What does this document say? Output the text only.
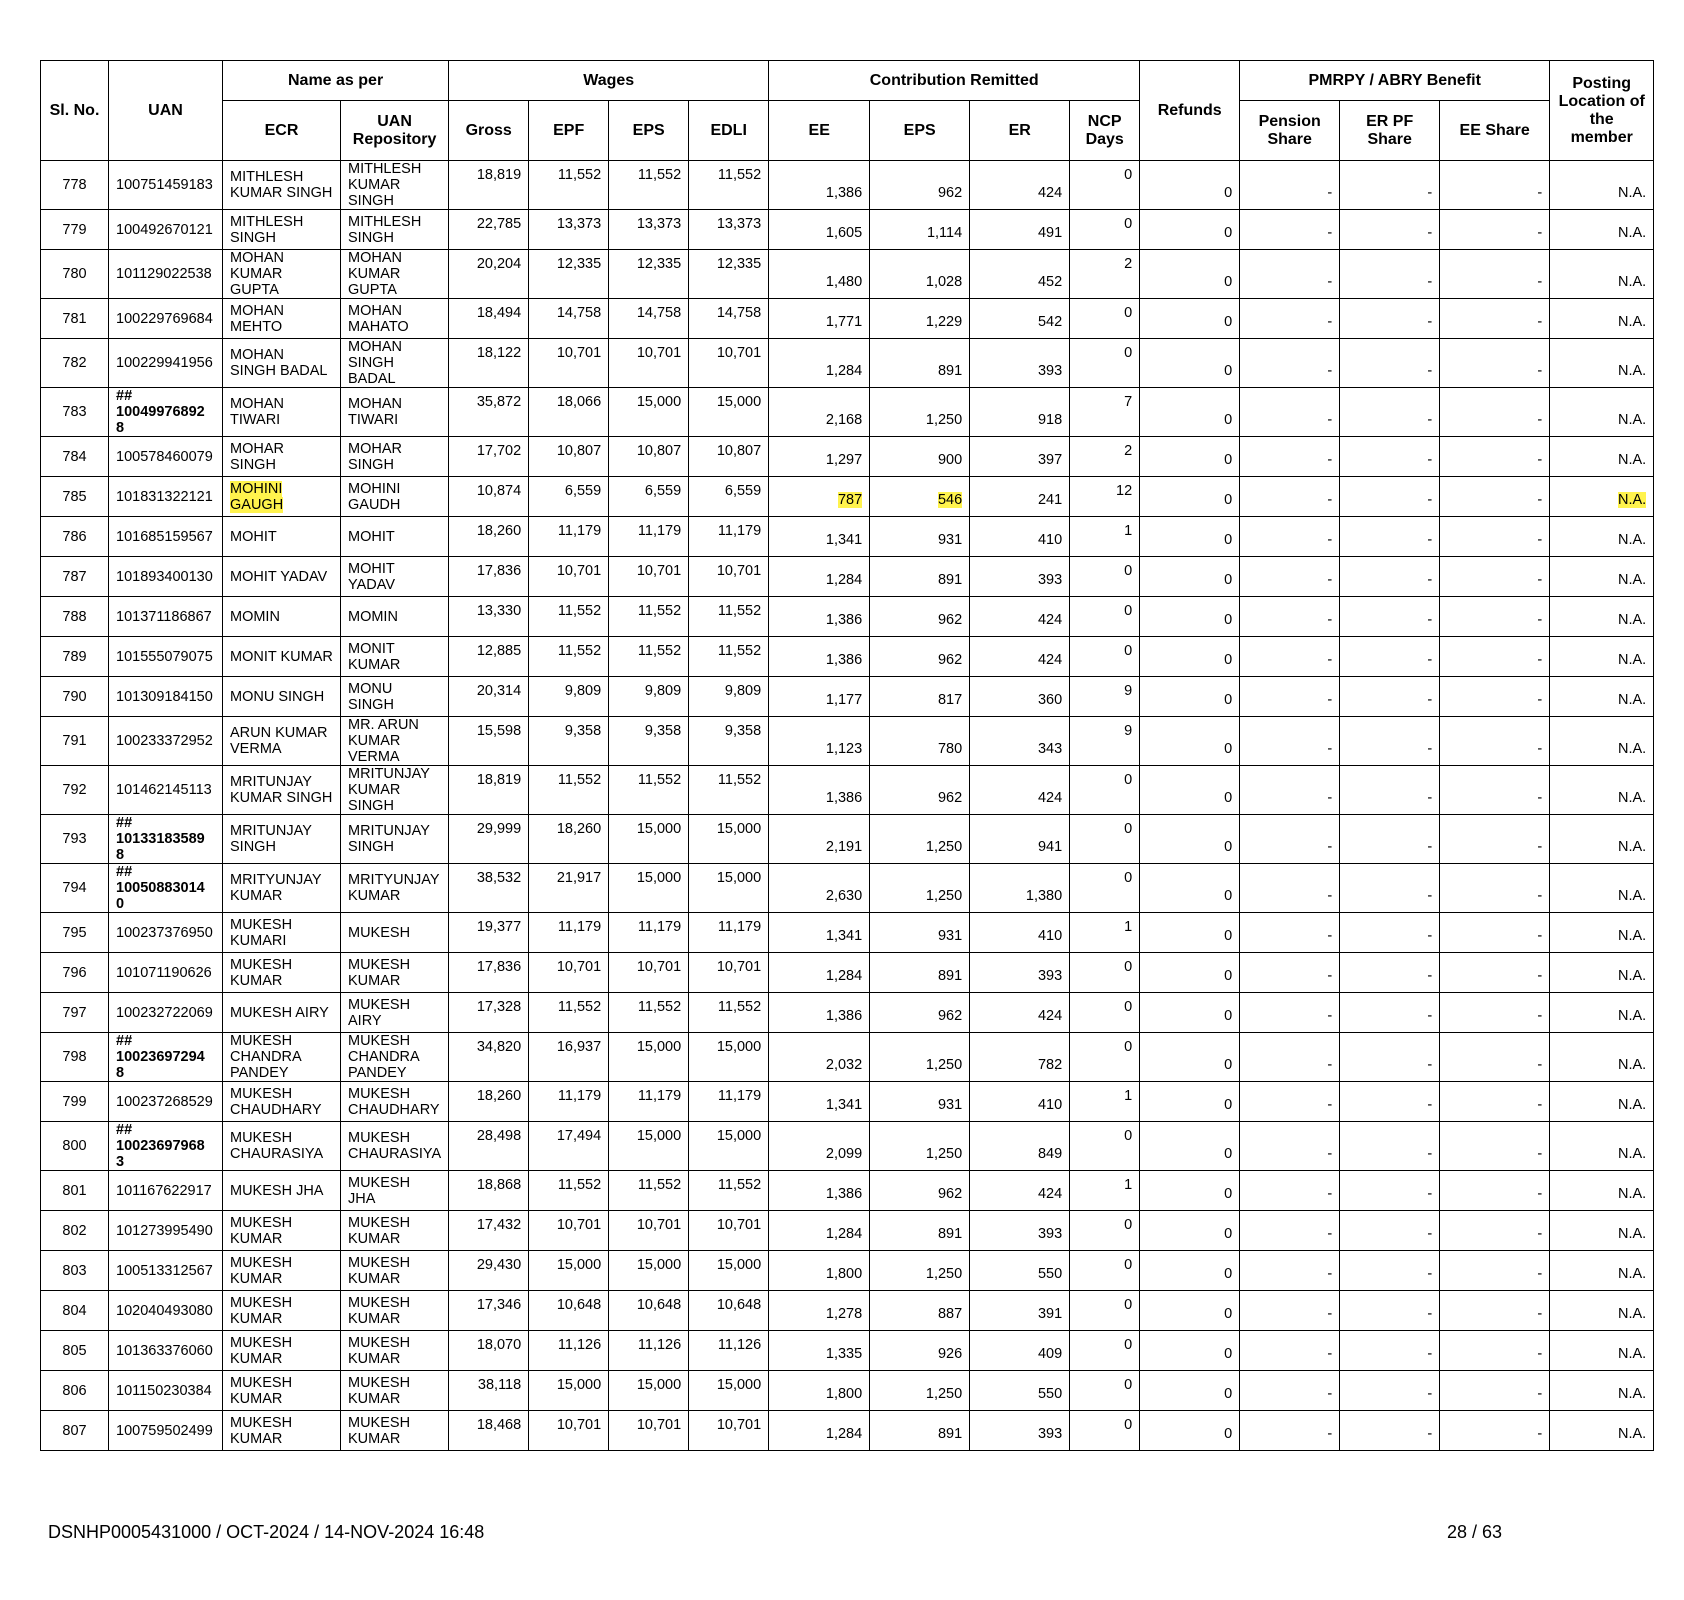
Sl. No.	UAN	Name as per		Wages				Contribution Remitted				Refunds	PMRPY / ABRY Benefit			Posting Location of the member
		ECR	UAN Repository	Gross	EPF	EPS	EDLI	EE	EPS	ER	NCP Days		Pension Share	ER PF Share	EE Share	
778	100751459183	MITHLESH KUMAR SINGH	MITHLESH KUMAR SINGH	18,819	11,552	11,552	11,552	1,386	962	424	0	0	-	-	-	N.A.
779	100492670121	MITHLESH SINGH	MITHLESH SINGH	22,785	13,373	13,373	13,373	1,605	1,114	491	0	0	-	-	-	N.A.
780	101129022538	MOHAN KUMAR GUPTA	MOHAN KUMAR GUPTA	20,204	12,335	12,335	12,335	1,480	1,028	452	2	0	-	-	-	N.A.
781	100229769684	MOHAN MEHTO	MOHAN MAHATO	18,494	14,758	14,758	14,758	1,771	1,229	542	0	0	-	-	-	N.A.
782	100229941956	MOHAN SINGH BADAL	MOHAN SINGH BADAL	18,122	10,701	10,701	10,701	1,284	891	393	0	0	-	-	-	N.A.
783	## 10049976892 8	MOHAN TIWARI	MOHAN TIWARI	35,872	18,066	15,000	15,000	2,168	1,250	918	7	0	-	-	-	N.A.
784	100578460079	MOHAR SINGH	MOHAR SINGH	17,702	10,807	10,807	10,807	1,297	900	397	2	0	-	-	-	N.A.
785	101831322121	MOHINI GAUGH	MOHINI GAUDH	10,874	6,559	6,559	6,559	787	546	241	12	0	-	-	-	N.A.
786	101685159567	MOHIT	MOHIT	18,260	11,179	11,179	11,179	1,341	931	410	1	0	-	-	-	N.A.
787	101893400130	MOHIT YADAV	MOHIT YADAV	17,836	10,701	10,701	10,701	1,284	891	393	0	0	-	-	-	N.A.
788	101371186867	MOMIN	MOMIN	13,330	11,552	11,552	11,552	1,386	962	424	0	0	-	-	-	N.A.
789	101555079075	MONIT KUMAR	MONIT KUMAR	12,885	11,552	11,552	11,552	1,386	962	424	0	0	-	-	-	N.A.
790	101309184150	MONU SINGH	MONU SINGH	20,314	9,809	9,809	9,809	1,177	817	360	9	0	-	-	-	N.A.
791	100233372952	ARUN KUMAR VERMA	MR. ARUN KUMAR VERMA	15,598	9,358	9,358	9,358	1,123	780	343	9	0	-	-	-	N.A.
792	101462145113	MRITUNJAY KUMAR SINGH	MRITUNJAY KUMAR SINGH	18,819	11,552	11,552	11,552	1,386	962	424	0	0	-	-	-	N.A.
793	## 10133183589 8	MRITUNJAY SINGH	MRITUNJAY SINGH	29,999	18,260	15,000	15,000	2,191	1,250	941	0	0	-	-	-	N.A.
794	## 10050883014 0	MRITYUNJAY KUMAR	MRITYUNJAY KUMAR	38,532	21,917	15,000	15,000	2,630	1,250	1,380	0	0	-	-	-	N.A.
795	100237376950	MUKESH KUMARI	MUKESH	19,377	11,179	11,179	11,179	1,341	931	410	1	0	-	-	-	N.A.
796	101071190626	MUKESH KUMAR	MUKESH KUMAR	17,836	10,701	10,701	10,701	1,284	891	393	0	0	-	-	-	N.A.
797	100232722069	MUKESH AIRY	MUKESH AIRY	17,328	11,552	11,552	11,552	1,386	962	424	0	0	-	-	-	N.A.
798	## 10023697294 8	MUKESH CHANDRA PANDEY	MUKESH CHANDRA PANDEY	34,820	16,937	15,000	15,000	2,032	1,250	782	0	0	-	-	-	N.A.
799	100237268529	MUKESH CHAUDHARY	MUKESH CHAUDHARY	18,260	11,179	11,179	11,179	1,341	931	410	1	0	-	-	-	N.A.
800	## 10023697968 3	MUKESH CHAURASIYA	MUKESH CHAURASIYA	28,498	17,494	15,000	15,000	2,099	1,250	849	0	0	-	-	-	N.A.
801	101167622917	MUKESH JHA	MUKESH JHA	18,868	11,552	11,552	11,552	1,386	962	424	1	0	-	-	-	N.A.
802	101273995490	MUKESH KUMAR	MUKESH KUMAR	17,432	10,701	10,701	10,701	1,284	891	393	0	0	-	-	-	N.A.
803	100513312567	MUKESH KUMAR	MUKESH KUMAR	29,430	15,000	15,000	15,000	1,800	1,250	550	0	0	-	-	-	N.A.
804	102040493080	MUKESH KUMAR	MUKESH KUMAR	17,346	10,648	10,648	10,648	1,278	887	391	0	0	-	-	-	N.A.
805	101363376060	MUKESH KUMAR	MUKESH KUMAR	18,070	11,126	11,126	11,126	1,335	926	409	0	0	-	-	-	N.A.
806	101150230384	MUKESH KUMAR	MUKESH KUMAR	38,118	15,000	15,000	15,000	1,800	1,250	550	0	0	-	-	-	N.A.
807	100759502499	MUKESH KUMAR	MUKESH KUMAR	18,468	10,701	10,701	10,701	1,284	891	393	0	0	-	-	-	N.A.
DSNHP0005431000 / OCT-2024 / 14-NOV-2024 16:48	28 / 63
